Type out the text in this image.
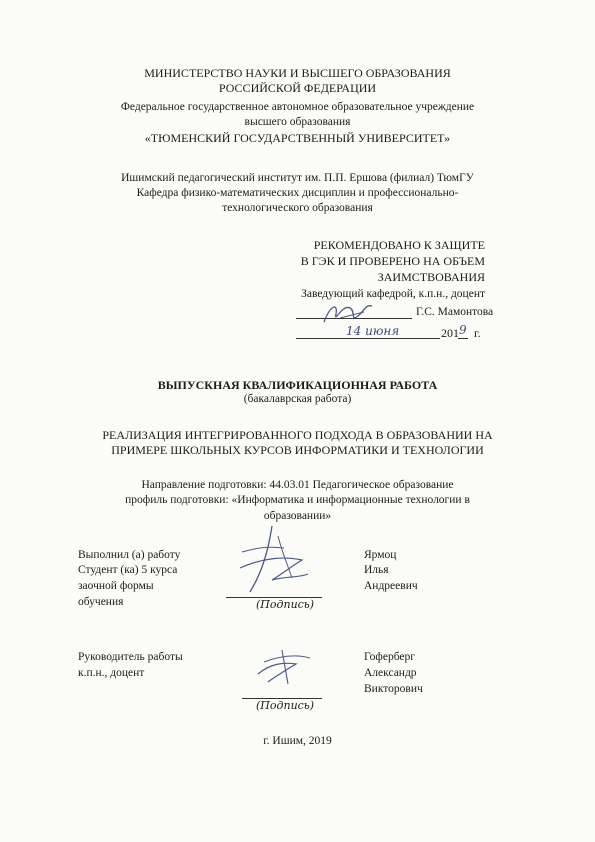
МИНИСТЕРСТВО НАУКИ И ВЫСШЕГО ОБРАЗОВАНИЯ
РОССИЙСКОЙ ФЕДЕРАЦИИ
Федеральное государственное автономное образовательное учреждение
высшего образования
«ТЮМЕНСКИЙ ГОСУДАРСТВЕННЫЙ УНИВЕРСИТЕТ»
Ишимский педагогический институт им. П.П. Ершова (филиал) ТюмГУ
Кафедра физико-математических дисциплин и профессионально-
технологического образования
РЕКОМЕНДОВАНО К ЗАЩИТЕ
В ГЭК И ПРОВЕРЕНО НА ОБЪЕМ
ЗАИМСТВОВАНИЯ
Заведующий кафедрой, к.п.н., доцент
Г.С. Мамонтова
14 июня	201 9 г.
ВЫПУСКНАЯ КВАЛИФИКАЦИОННАЯ РАБОТА
(бакалаврская работа)
РЕАЛИЗАЦИЯ ИНТЕГРИРОВАННОГО ПОДХОДА В ОБРАЗОВАНИИ НА
ПРИМЕРЕ ШКОЛЬНЫХ КУРСОВ ИНФОРМАТИКИ И ТЕХНОЛОГИИ
Направление подготовки: 44.03.01 Педагогическое образование
профиль подготовки: «Информатика и информационные технологии в
образовании»
Выполнил (а) работу
Студент (ка) 5 курса
заочной формы
обучения	(Подпись)
Ярмоц
Илья
Андреевич
Руководитель работы
к.п.н., доцент
(Подпись)
Гоферберг
Александр
Викторович
г. Ишим, 2019
